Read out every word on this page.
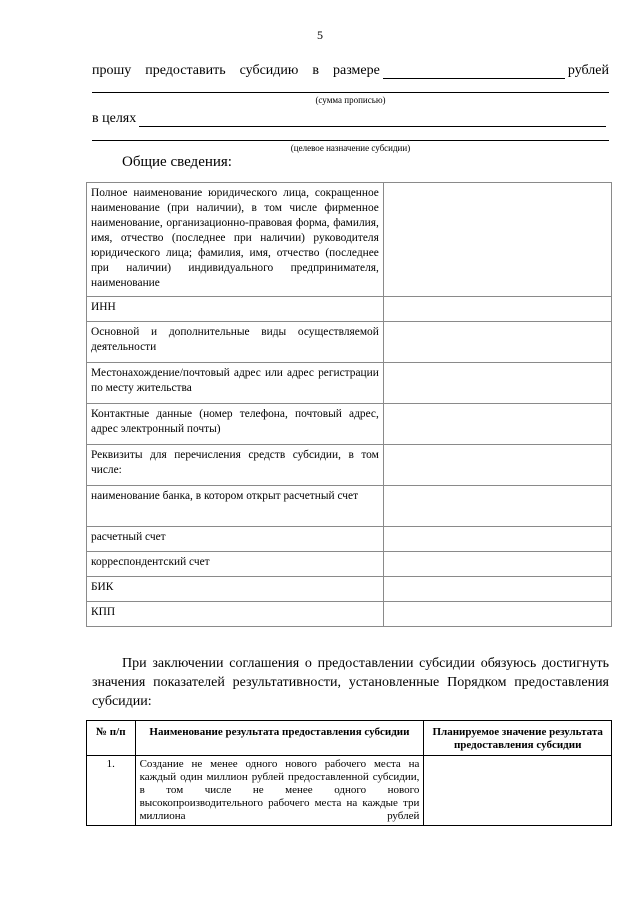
5
прошу предоставить субсидию в размере	рублей
(сумма прописью)
в целях
(целевое назначение субсидии)
Общие сведения:
Полное наименование юридического лица, сокращенное наименование (при наличии), в том числе фирменное наименование, организационно-правовая форма, фамилия, имя, отчество (последнее при наличии) руководителя юридического лица; фамилия, имя, отчество (последнее при наличии) индивидуального предпринимателя, наименование	
ИНН	
Основной и дополнительные виды осуществляемой деятельности	
Местонахождение/почтовый адрес или адрес регистрации по месту жительства	
Контактные данные (номер телефона, почтовый адрес, адрес электронный почты)	
Реквизиты для перечисления средств субсидии, в том числе:	
наименование банка, в котором открыт расчетный счет	
расчетный счет	
корреспондентский счет	
БИК	
КПП	
При заключении соглашения о предоставлении субсидии обязуюсь достигнуть значения показателей результативности, установленные Порядком предоставления субсидии:
№ п/п	Наименование результата предоставления субсидии	Планируемое значение результата предоставления субсидии
1.	Создание не менее одного нового рабочего места на каждый один миллион рублей предоставленной субсидии, в том числе не менее одного нового высокопроизводительного рабочего места на каждые три миллиона рублей	
